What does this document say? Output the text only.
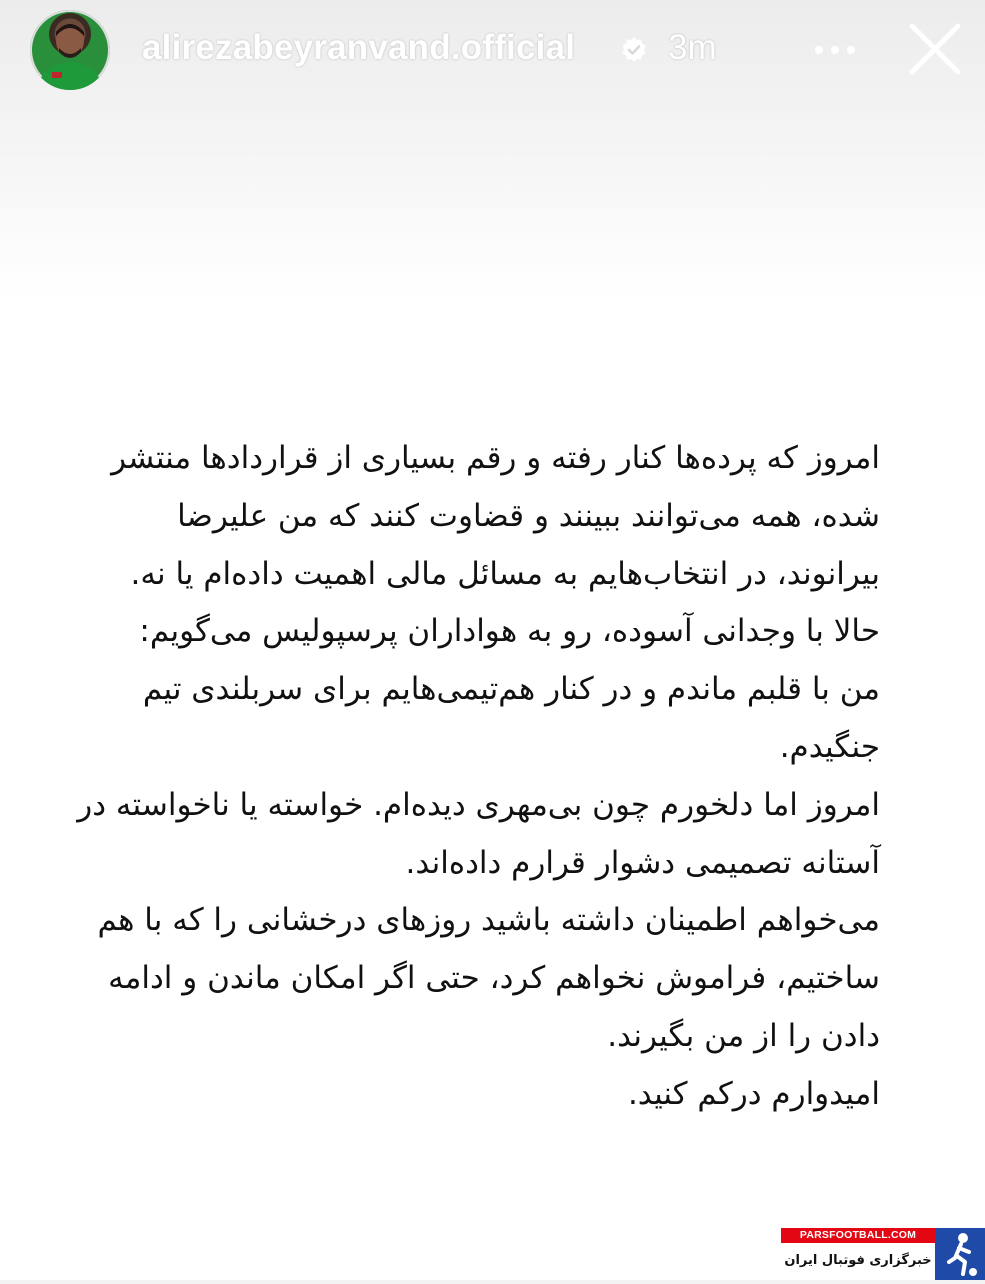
alirezabeyranvand.official	3m

امروز که پرده‌ها کنار رفته و رقم بسیاری از قراردادها منتشر شده، همه می‌توانند ببینند و قضاوت کنند که من علیرضا بیرانوند، در انتخاب‌هایم به مسائل مالی اهمیت داده‌ام یا نه.

حالا با وجدانی آسوده، رو به هواداران پرسپولیس می‌گویم:

من با قلبم ماندم و در کنار هم‌تیمی‌هایم برای سربلندی تیم جنگیدم.

امروز اما دلخورم چون بی‌مهری دیده‌ام. خواسته یا ناخواسته در آستانه تصمیمی دشوار قرارم داده‌اند.

می‌خواهم اطمینان داشته باشید روزهای درخشانی را که با هم ساختیم، فراموش نخواهم کرد، حتی اگر امکان ماندن و ادامه دادن را از من بگیرند.

امیدوارم درکم کنید.

PARSFOOTBALL.COM
خبرگزاری فوتبال ایران
